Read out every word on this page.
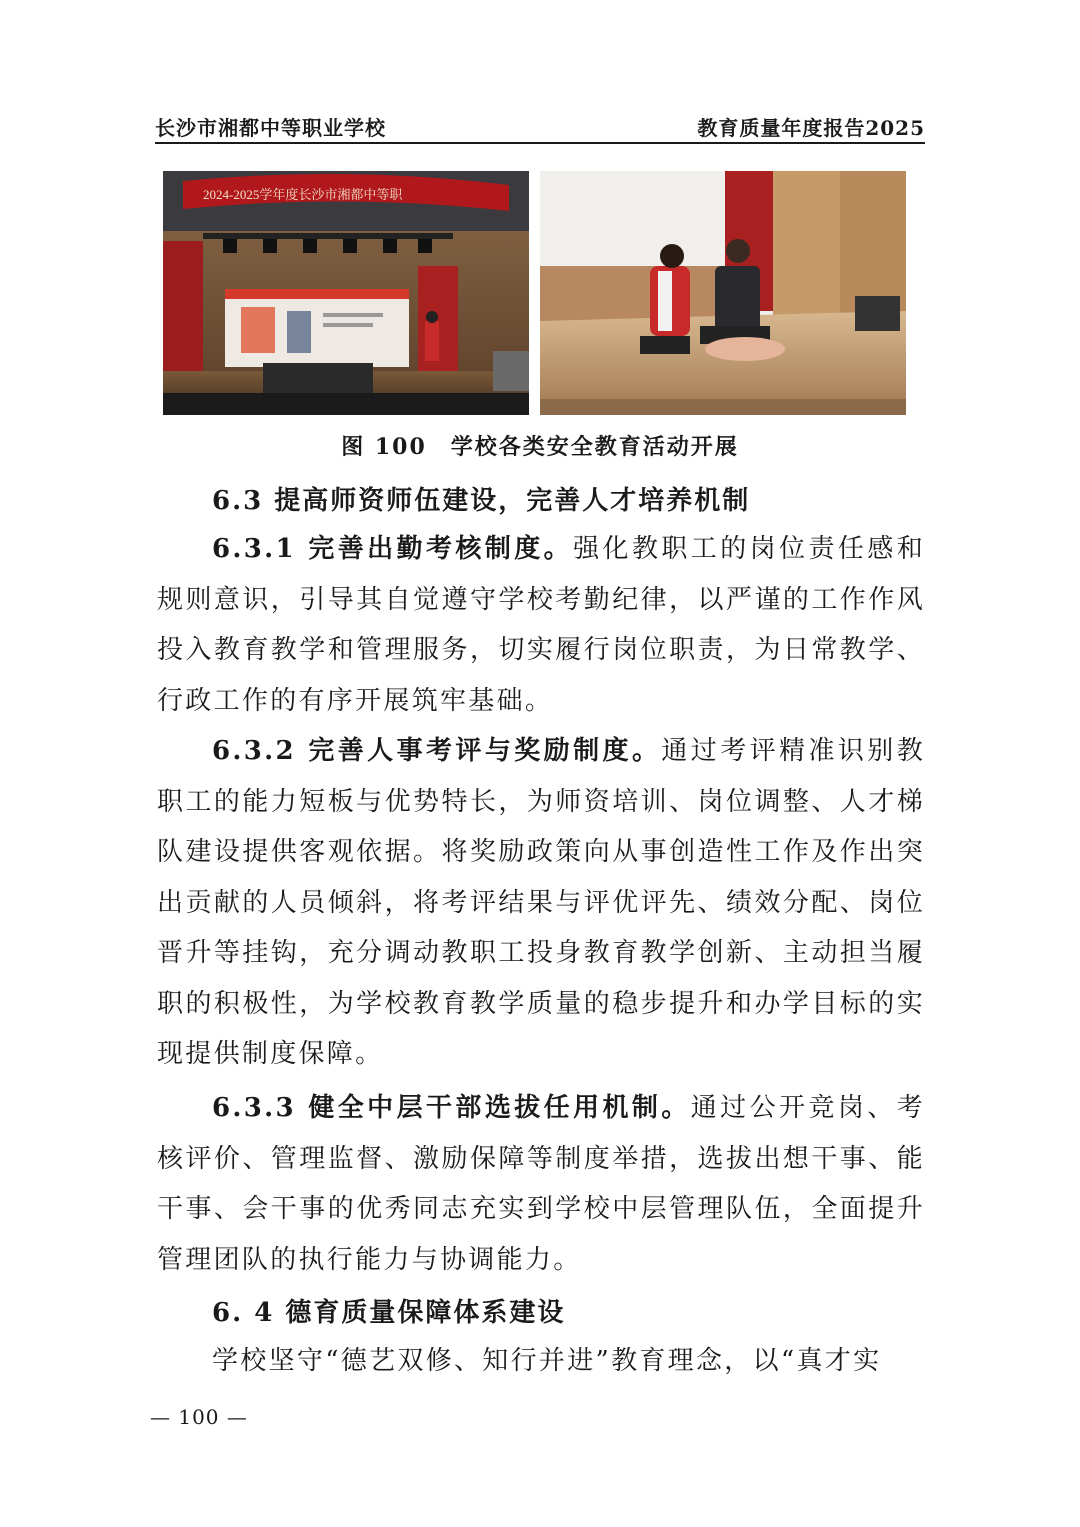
长沙市湘都中等职业学校	教育质量年度报告2025
2024-2025学年度长沙市湘都中等职
图 100　学校各类安全教育活动开展
6.3 提高师资师伍建设，完善人才培养机制

6.3.1 完善出勤考核制度。强化教职工的岗位责任感和规则意识，引导其自觉遵守学校考勤纪律，以严谨的工作作风投入教育教学和管理服务，切实履行岗位职责，为日常教学、行政工作的有序开展筑牢基础。

6.3.2 完善人事考评与奖励制度。通过考评精准识别教职工的能力短板与优势特长，为师资培训、岗位调整、人才梯队建设提供客观依据。将奖励政策向从事创造性工作及作出突出贡献的人员倾斜，将考评结果与评优评先、绩效分配、岗位晋升等挂钩，充分调动教职工投身教育教学创新、主动担当履职的积极性，为学校教育教学质量的稳步提升和办学目标的实现提供制度保障。

6.3.3 健全中层干部选拔任用机制。通过公开竞岗、考核评价、管理监督、激励保障等制度举措，选拔出想干事、能干事、会干事的优秀同志充实到学校中层管理队伍，全面提升管理团队的执行能力与协调能力。

6. 4 德育质量保障体系建设

学校坚守“德艺双修、知行并进”教育理念，以“真才实

— 100 —
